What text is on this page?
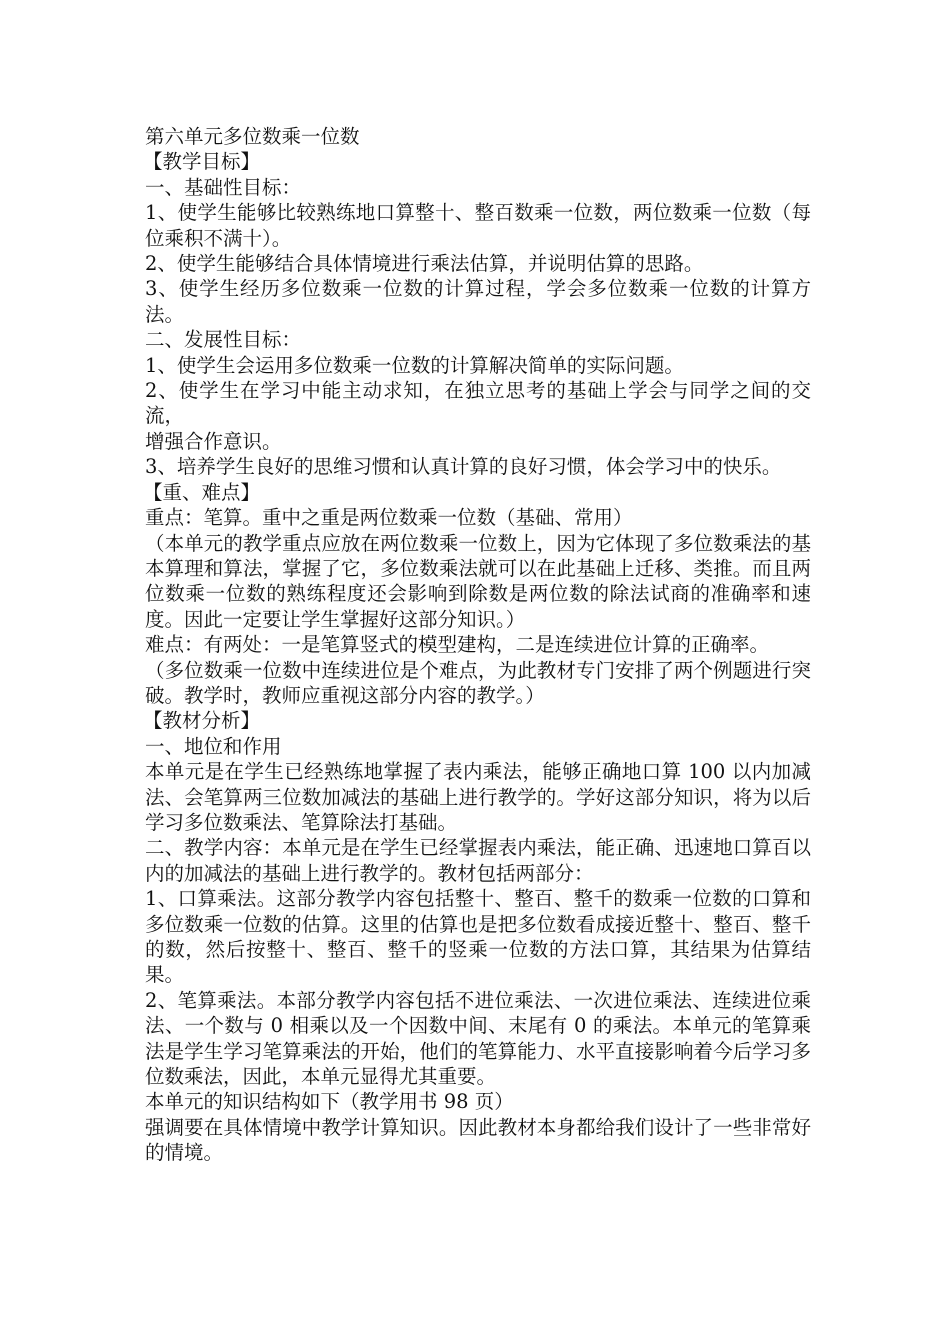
第六单元多位数乘一位数

【教学目标】

一、基础性目标：

1、使学生能够比较熟练地口算整十、整百数乘一位数，两位数乘一位数（每位乘积不满十）。

2、使学生能够结合具体情境进行乘法估算，并说明估算的思路。

3、使学生经历多位数乘一位数的计算过程，学会多位数乘一位数的计算方法。

二、发展性目标：

1、使学生会运用多位数乘一位数的计算解决简单的实际问题。

2、使学生在学习中能主动求知，在独立思考的基础上学会与同学之间的交流，

增强合作意识。

3、培养学生良好的思维习惯和认真计算的良好习惯，体会学习中的快乐。

【重、难点】

重点：笔算。重中之重是两位数乘一位数（基础、常用）

（本单元的教学重点应放在两位数乘一位数上，因为它体现了多位数乘法的基本算理和算法，掌握了它，多位数乘法就可以在此基础上迁移、类推。而且两位数乘一位数的熟练程度还会影响到除数是两位数的除法试商的准确率和速度。因此一定要让学生掌握好这部分知识。）

难点：有两处：一是笔算竖式的模型建构，二是连续进位计算的正确率。

（多位数乘一位数中连续进位是个难点，为此教材专门安排了两个例题进行突破。教学时，教师应重视这部分内容的教学。）

【教材分析】

一、地位和作用

本单元是在学生已经熟练地掌握了表内乘法，能够正确地口算 100 以内加减法、会笔算两三位数加减法的基础上进行教学的。学好这部分知识，将为以后学习多位数乘法、笔算除法打基础。

二、教学内容：本单元是在学生已经掌握表内乘法，能正确、迅速地口算百以内的加减法的基础上进行教学的。教材包括两部分：

1、口算乘法。这部分教学内容包括整十、整百、整千的数乘一位数的口算和多位数乘一位数的估算。这里的估算也是把多位数看成接近整十、整百、整千的数，然后按整十、整百、整千的竖乘一位数的方法口算，其结果为估算结果。

2、笔算乘法。本部分教学内容包括不进位乘法、一次进位乘法、连续进位乘法、一个数与 0 相乘以及一个因数中间、末尾有 0 的乘法。本单元的笔算乘法是学生学习笔算乘法的开始，他们的笔算能力、水平直接影响着今后学习多位数乘法，因此，本单元显得尤其重要。

本单元的知识结构如下（教学用书 98 页）

强调要在具体情境中教学计算知识。因此教材本身都给我们设计了一些非常好的情境。
